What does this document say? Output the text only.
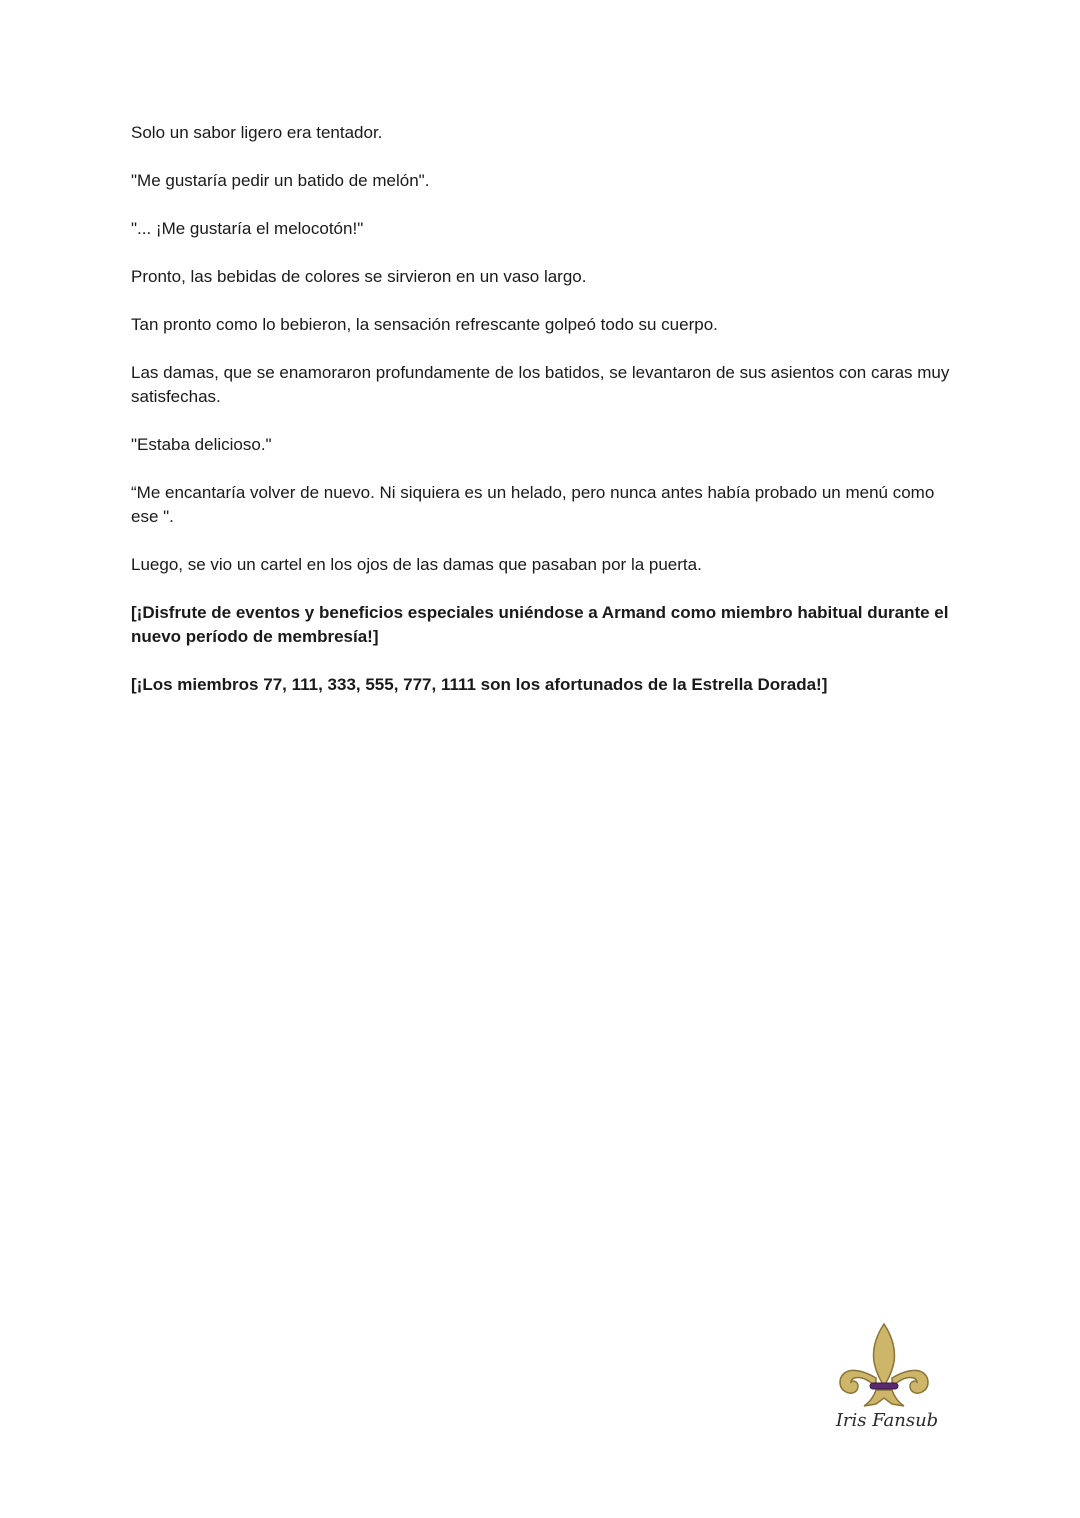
Solo un sabor ligero era tentador.

"Me gustaría pedir un batido de melón".

"... ¡Me gustaría el melocotón!"

Pronto, las bebidas de colores se sirvieron en un vaso largo.

Tan pronto como lo bebieron, la sensación refrescante golpeó todo su cuerpo.

Las damas, que se enamoraron profundamente de los batidos, se levantaron de sus asientos con caras muy satisfechas.

"Estaba delicioso."

“Me encantaría volver de nuevo. Ni siquiera es un helado, pero nunca antes había probado un menú como ese ".

Luego, se vio un cartel en los ojos de las damas que pasaban por la puerta.

[¡Disfrute de eventos y beneficios especiales uniéndose a Armand como miembro habitual durante el nuevo período de membresía!]

[¡Los miembros 77, 111, 333, 555, 777, 1111 son los afortunados de la Estrella Dorada!]

Iris Fansub
